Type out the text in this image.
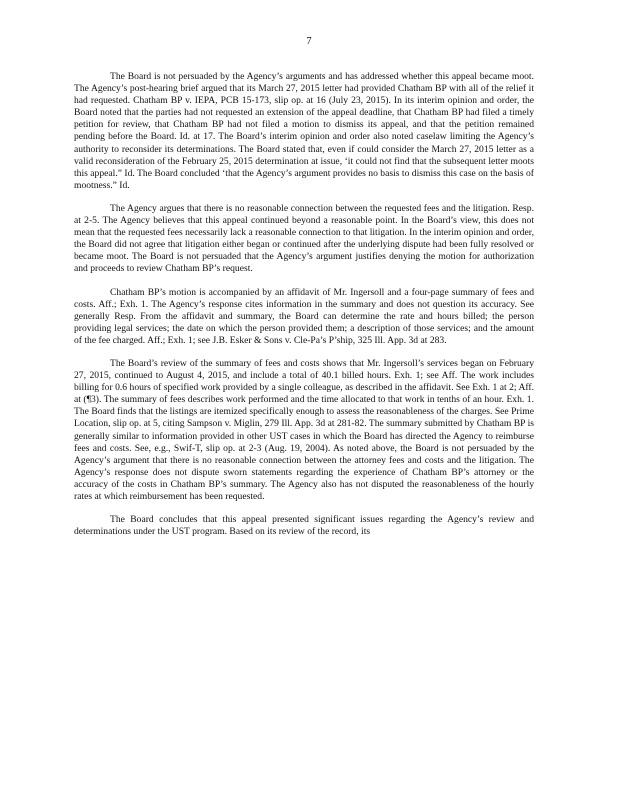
7

The Board is not persuaded by the Agency’s arguments and has addressed whether this appeal became moot. The Agency’s post-hearing brief argued that its March 27, 2015 letter had provided Chatham BP with all of the relief it had requested. Chatham BP v. IEPA, PCB 15-173, slip op. at 16 (July 23, 2015). In its interim opinion and order, the Board noted that the parties had not requested an extension of the appeal deadline, that Chatham BP had filed a timely petition for review, that Chatham BP had not filed a motion to dismiss its appeal, and that the petition remained pending before the Board. Id. at 17. The Board’s interim opinion and order also noted caselaw limiting the Agency’s authority to reconsider its determinations. The Board stated that, even if could consider the March 27, 2015 letter as a valid reconsideration of the February 25, 2015 determination at issue, ‘it could not find that the subsequent letter moots this appeal.” Id. The Board concluded ‘that the Agency’s argument provides no basis to dismiss this case on the basis of mootness.” Id.

The Agency argues that there is no reasonable connection between the requested fees and the litigation. Resp. at 2-5. The Agency believes that this appeal continued beyond a reasonable point. In the Board’s view, this does not mean that the requested fees necessarily lack a reasonable connection to that litigation. In the interim opinion and order, the Board did not agree that litigation either began or continued after the underlying dispute had been fully resolved or became moot. The Board is not persuaded that the Agency’s argument justifies denying the motion for authorization and proceeds to review Chatham BP’s request.

Chatham BP’s motion is accompanied by an affidavit of Mr. Ingersoll and a four-page summary of fees and costs. Aff.; Exh. 1. The Agency’s response cites information in the summary and does not question its accuracy. See generally Resp. From the affidavit and summary, the Board can determine the rate and hours billed; the person providing legal services; the date on which the person provided them; a description of those services; and the amount of the fee charged. Aff.; Exh. 1; see J.B. Esker & Sons v. Cle-Pa’s P’ship, 325 Ill. App. 3d at 283.

The Board’s review of the summary of fees and costs shows that Mr. Ingersoll’s services began on February 27, 2015, continued to August 4, 2015, and include a total of 40.1 billed hours. Exh. 1; see Aff. The work includes billing for 0.6 hours of specified work provided by a single colleague, as described in the affidavit. See Exh. 1 at 2; Aff. at (¶3). The summary of fees describes work performed and the time allocated to that work in tenths of an hour. Exh. 1. The Board finds that the listings are itemized specifically enough to assess the reasonableness of the charges. See Prime Location, slip op. at 5, citing Sampson v. Miglin, 279 Ill. App. 3d at 281-82. The summary submitted by Chatham BP is generally similar to information provided in other UST cases in which the Board has directed the Agency to reimburse fees and costs. See, e.g., Swif-T, slip op. at 2-3 (Aug. 19, 2004). As noted above, the Board is not persuaded by the Agency’s argument that there is no reasonable connection between the attorney fees and costs and the litigation. The Agency’s response does not dispute sworn statements regarding the experience of Chatham BP’s attorney or the accuracy of the costs in Chatham BP’s summary. The Agency also has not disputed the reasonableness of the hourly rates at which reimbursement has been requested.

The Board concludes that this appeal presented significant issues regarding the Agency’s review and determinations under the UST program. Based on its review of the record, its
